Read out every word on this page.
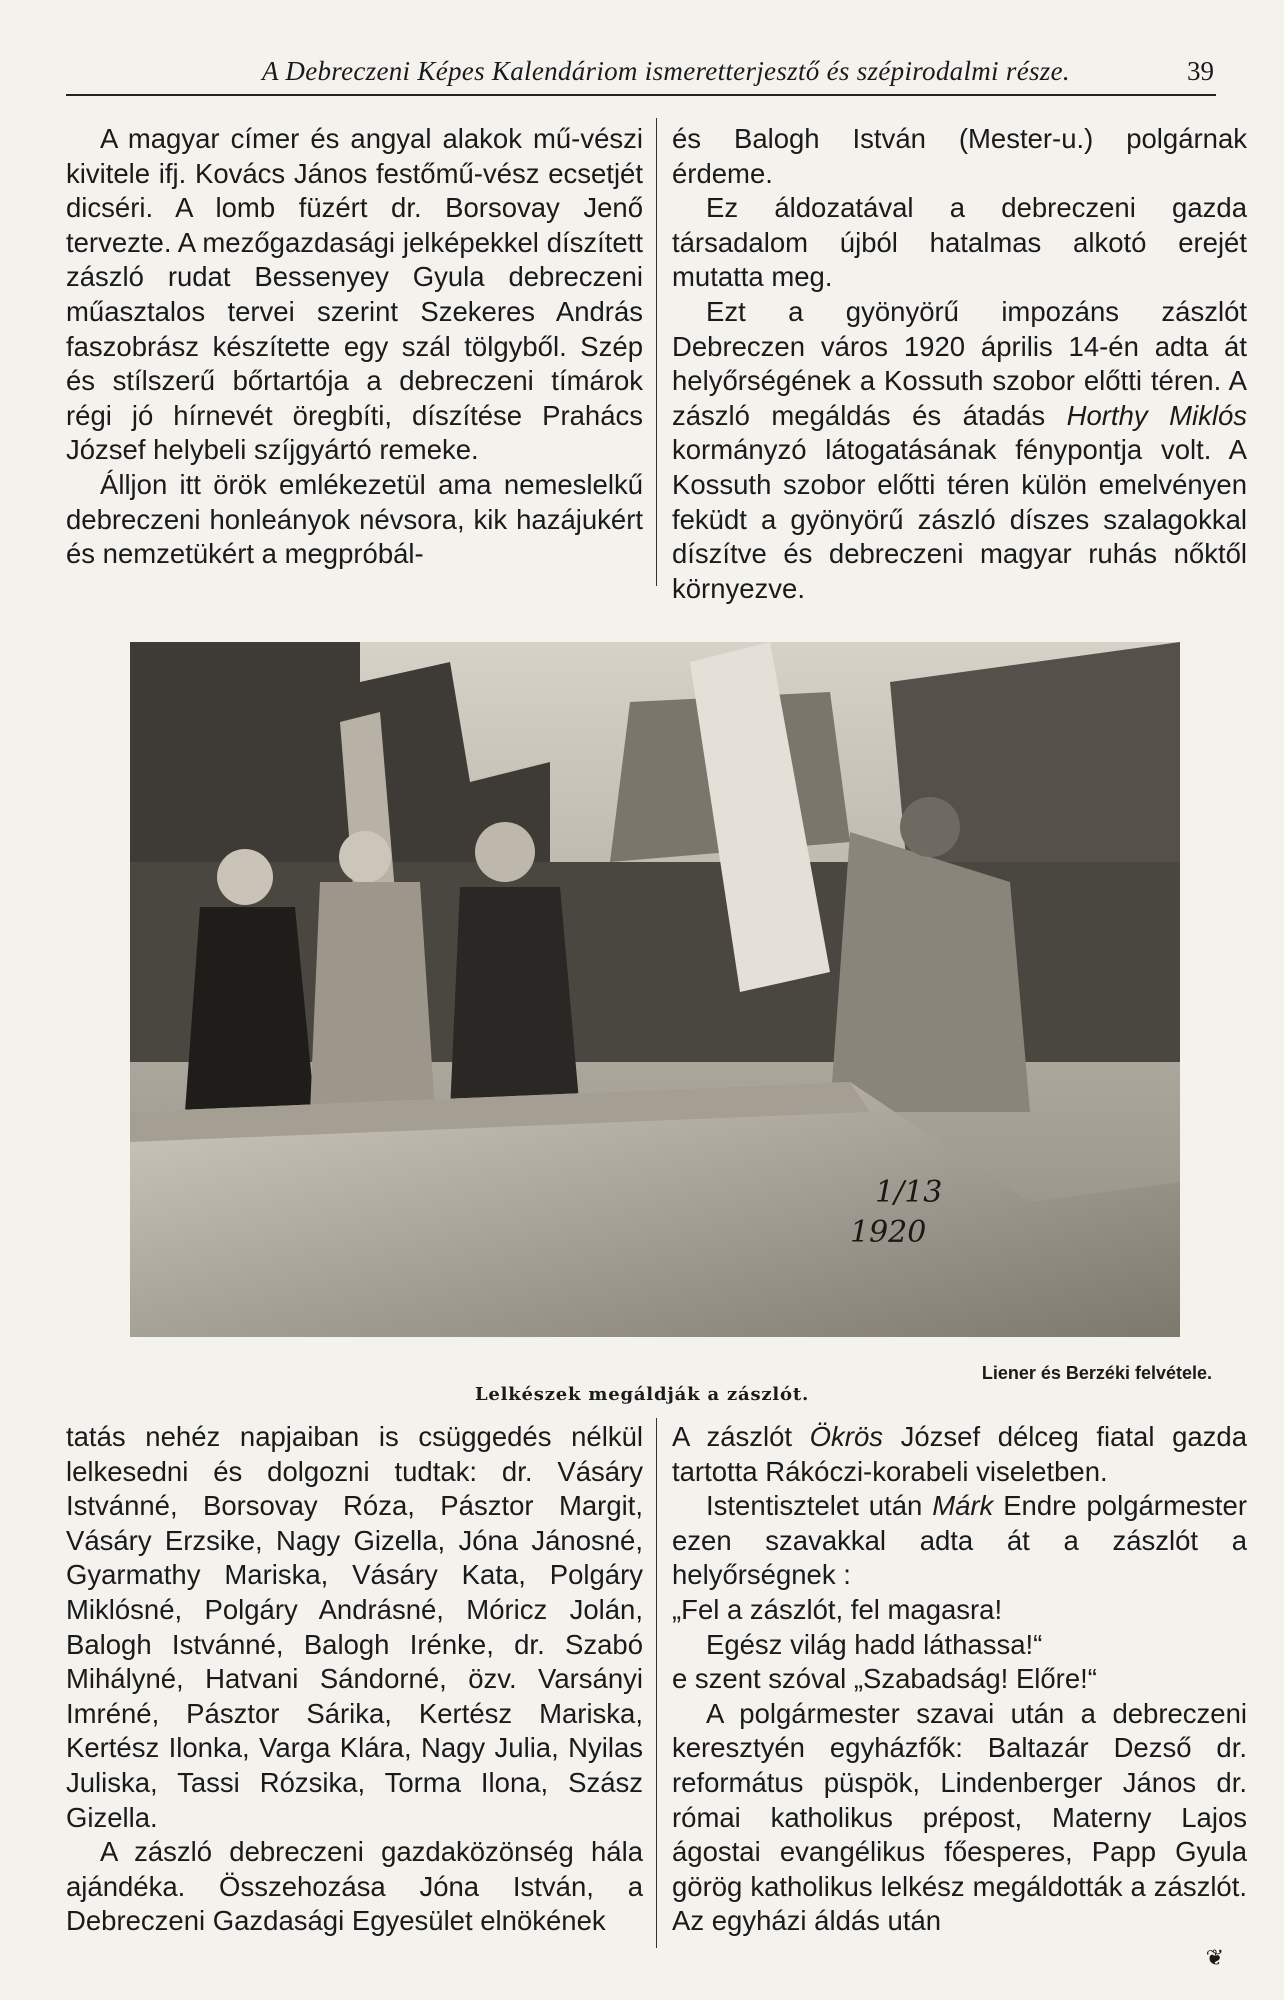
A Debreczeni Képes Kalendáriom ismeretterjesztő és szépirodalmi része.	39

A magyar címer és angyal alakok mű-vészi kivitele ifj. Kovács János festőmű-vész ecsetjét dicséri. A lomb füzért dr. Borsovay Jenő tervezte. A mezőgazdasági jelképekkel díszített zászló rudat Bessenyey Gyula debreczeni műasztalos tervei szerint Szekeres András faszobrász készítette egy szál tölgyből. Szép és stílszerű bőrtartója a debreczeni tímárok régi jó hírnevét öregbíti, díszítése Prahács József helybeli szíjgyártó remeke.

Álljon itt örök emlékezetül ama nemeslelkű debreczeni honleányok névsora, kik hazájukért és nemzetükért a megpróbál-

és Balogh István (Mester-u.) polgárnak érdeme.

Ez áldozatával a debreczeni gazda társadalom újból hatalmas alkotó erejét mutatta meg.

Ezt a gyönyörű impozáns zászlót Debreczen város 1920 április 14-én adta át helyőrségének a Kossuth szobor előtti téren. A zászló megáldás és átadás Horthy Miklós kormányzó látogatásának fénypontja volt. A Kossuth szobor előtti téren külön emelvényen feküdt a gyönyörű zászló díszes szalagokkal díszítve és debreczeni magyar ruhás nőktől környezve.

1/13
1920
Liener és Berzéki felvétele.
Lelkészek megáldják a zászlót.

tatás nehéz napjaiban is csüggedés nélkül lelkesedni és dolgozni tudtak: dr. Vásáry Istvánné, Borsovay Róza, Pásztor Margit, Vásáry Erzsike, Nagy Gizella, Jóna Jánosné, Gyarmathy Mariska, Vásáry Kata, Polgáry Miklósné, Polgáry Andrásné, Móricz Jolán, Balogh Istvánné, Balogh Irénke, dr. Szabó Mihályné, Hatvani Sándorné, özv. Varsányi Imréné, Pásztor Sárika, Kertész Mariska, Kertész Ilonka, Varga Klára, Nagy Julia, Nyilas Juliska, Tassi Rózsika, Torma Ilona, Szász Gizella.

A zászló debreczeni gazdaközönség hála ajándéka. Összehozása Jóna István, a Debreczeni Gazdasági Egyesület elnökének

A zászlót Ökrös József délceg fiatal gazda tartotta Rákóczi-korabeli viseletben.

Istentisztelet után Márk Endre polgármester ezen szavakkal adta át a zászlót a helyőrségnek :

„Fel a zászlót, fel magasra!

Egész világ hadd láthassa!“

e szent szóval „Szabadság! Előre!“

A polgármester szavai után a debreczeni keresztyén egyházfők: Baltazár Dezső dr. református püspök, Lindenberger János dr. római katholikus prépost, Materny Lajos ágostai evangélikus főesperes, Papp Gyula görög katholikus lelkész megáldották a zászlót. Az egyházi áldás után

❦
